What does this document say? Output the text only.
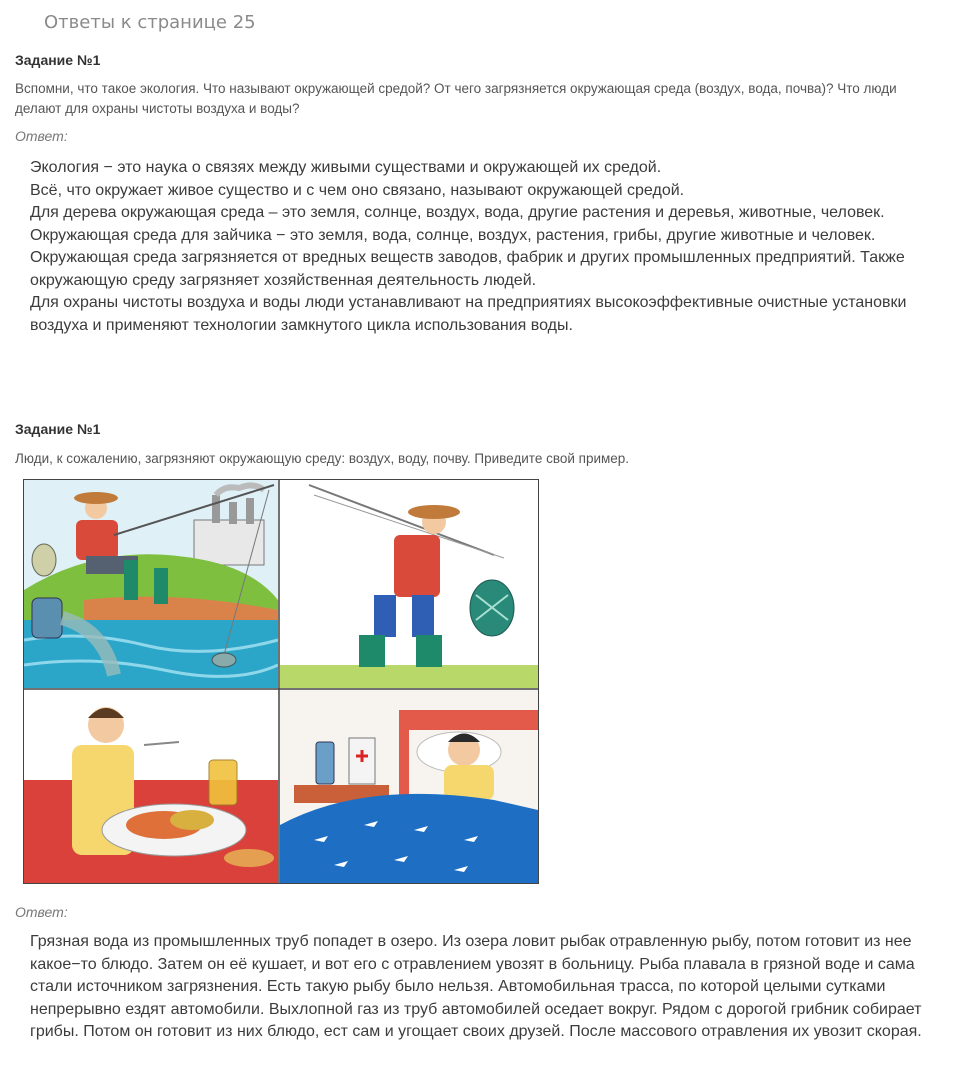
Ответы к странице 25
Задание №1
Вспомни, что такое экология. Что называют окружающей средой? От чего загрязняется окружающая среда (воздух, вода, почва)? Что люди делают для охраны чистоты воздуха и воды?
Ответ:

Экология − это наука о связях между живыми существами и окружающей их средой.

Всё, что окружает живое существо и с чем оно связано, называют окружающей средой.

Для дерева окружающая среда – это земля, солнце, воздух, вода, другие растения и деревья, животные, человек.

Окружающая среда для зайчика − это земля, вода, солнце, воздух, растения, грибы, другие животные и человек.

Окружающая среда загрязняется от вредных веществ заводов, фабрик и других промышленных предприятий. Также окружающую среду загрязняет хозяйственная деятельность людей.

Для охраны чистоты воздуха и воды люди устанавливают на предприятиях высокоэффективные очистные установки воздуха и применяют технологии замкнутого цикла использования воды.

Задание №1
Люди, к сожалению, загрязняют окружающую среду: воздух, воду, почву. Приведите свой пример.
Ответ:

Грязная вода из промышленных труб попадет в озеро. Из озера ловит рыбак отравленную рыбу, потом готовит из нее какое−то блюдо. Затем он её кушает, и вот его с отравлением увозят в больницу. Рыба плавала в грязной воде и сама стали источником загрязнения. Есть такую рыбу было нельзя. Автомобильная трасса, по которой целыми сутками непрерывно ездят автомобили. Выхлопной газ из труб автомобилей оседает вокруг. Рядом с дорогой грибник собирает грибы. Потом он готовит из них блюдо, ест сам и угощает своих друзей. После массового отравления их увозит скорая.
